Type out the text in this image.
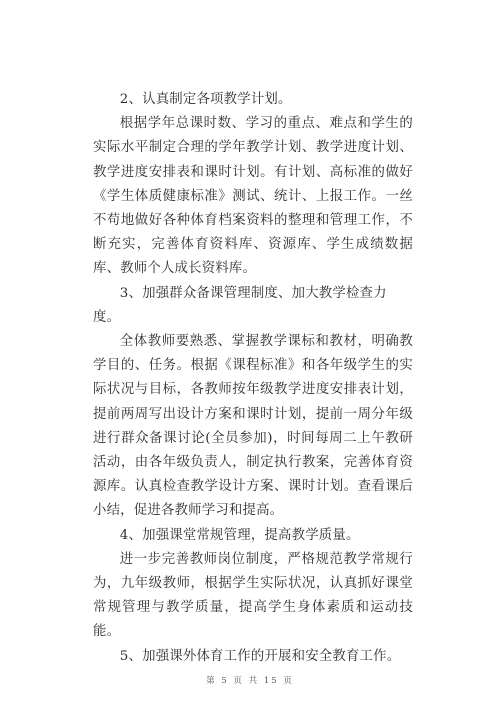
2、认真制定各项教学计划。

根据学年总课时数、学习的重点、难点和学生的实际水平制定合理的学年教学计划、教学进度计划、教学进度安排表和课时计划。有计划、高标准的做好《学生体质健康标准》测试、统计、上报工作。一丝不苟地做好各种体育档案资料的整理和管理工作，不断充实，完善体育资料库、资源库、学生成绩数据库、教师个人成长资料库。

3、加强群众备课管理制度、加大教学检查力度。

全体教师要熟悉、掌握教学课标和教材，明确教学目的、任务。根据《课程标准》和各年级学生的实际状况与目标，各教师按年级教学进度安排表计划，提前两周写出设计方案和课时计划，提前一周分年级进行群众备课讨论(全员参加)，时间每周二上午教研活动，由各年级负责人，制定执行教案，完善体育资源库。认真检查教学设计方案、课时计划。查看课后小结，促进各教师学习和提高。

4、加强课堂常规管理，提高教学质量。

进一步完善教师岗位制度，严格规范教学常规行为，九年级教师，根据学生实际状况，认真抓好课堂常规管理与教学质量，提高学生身体素质和运动技能。

5、加强课外体育工作的开展和安全教育工作。

第 5 页 共 15 页
